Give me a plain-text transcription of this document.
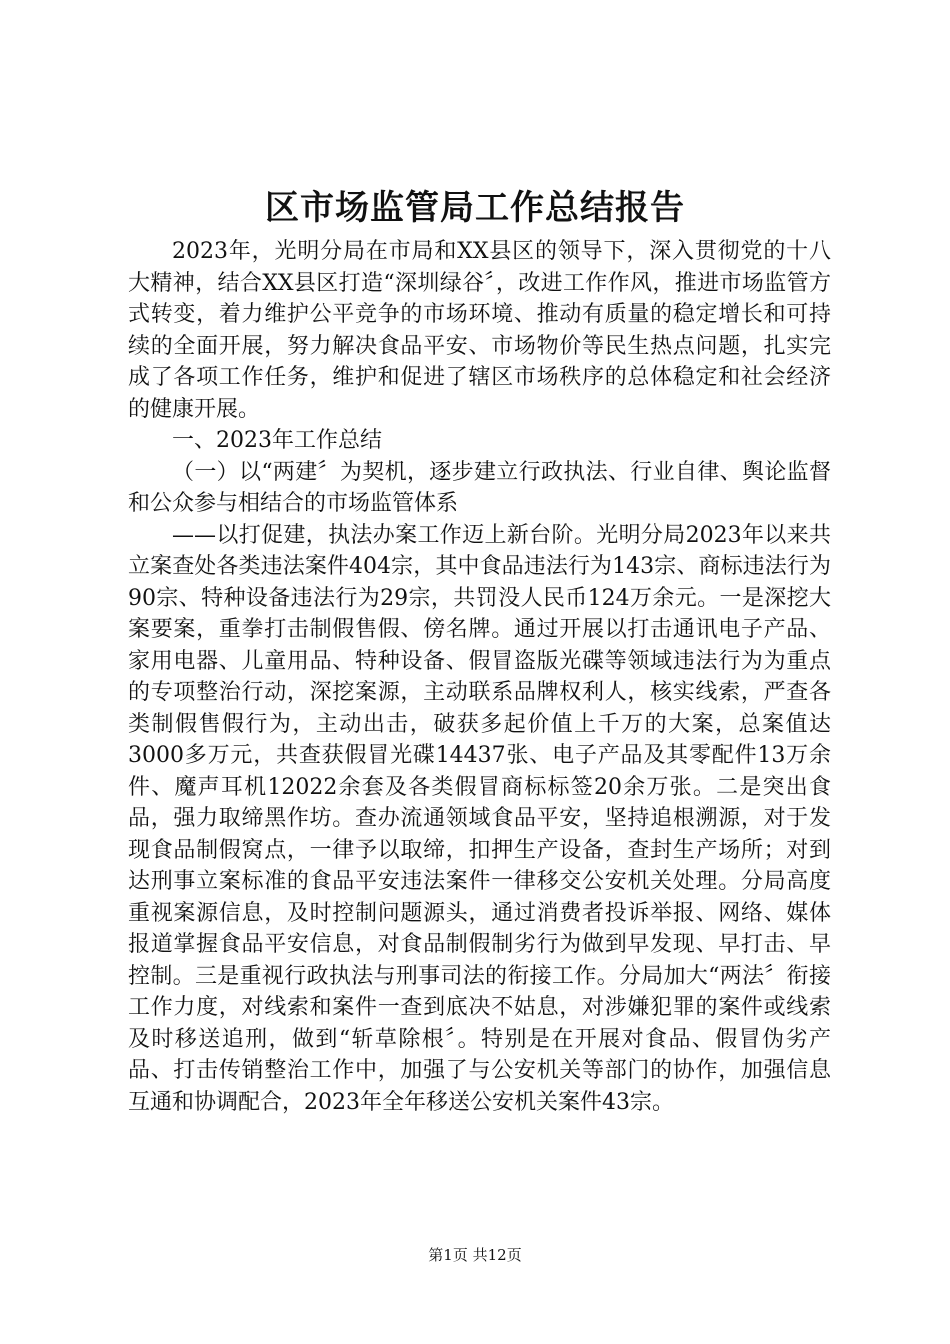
区市场监管局工作总结报告

2023年，光明分局在市局和XX县区的领导下，深入贯彻党的十八大精神，结合XX县区打造“深圳绿谷〞，改进工作作风，推进市场监管方式转变，着力维护公平竞争的市场环境、推动有质量的稳定增长和可持续的全面开展，努力解决食品平安、市场物价等民生热点问题，扎实完成了各项工作任务，维护和促进了辖区市场秩序的总体稳定和社会经济的健康开展。

一、2023年工作总结

（一）以“两建〞为契机，逐步建立行政执法、行业自律、舆论监督和公众参与相结合的市场监管体系

——以打促建，执法办案工作迈上新台阶。光明分局2023年以来共立案查处各类违法案件404宗，其中食品违法行为143宗、商标违法行为90宗、特种设备违法行为29宗，共罚没人民币124万余元。一是深挖大案要案，重拳打击制假售假、傍名牌。通过开展以打击通讯电子产品、家用电器、儿童用品、特种设备、假冒盗版光碟等领域违法行为为重点的专项整治行动，深挖案源，主动联系品牌权利人，核实线索，严查各类制假售假行为，主动出击，破获多起价值上千万的大案，总案值达3000多万元，共查获假冒光碟14437张、电子产品及其零配件13万余件、魔声耳机12022余套及各类假冒商标标签20余万张。二是突出食品，强力取缔黑作坊。查办流通领域食品平安，坚持追根溯源，对于发现食品制假窝点，一律予以取缔，扣押生产设备，查封生产场所；对到达刑事立案标准的食品平安违法案件一律移交公安机关处理。分局高度重视案源信息，及时控制问题源头，通过消费者投诉举报、网络、媒体报道掌握食品平安信息，对食品制假制劣行为做到早发现、早打击、早控制。三是重视行政执法与刑事司法的衔接工作。分局加大“两法〞衔接工作力度，对线索和案件一查到底决不姑息，对涉嫌犯罪的案件或线索及时移送追刑，做到“斩草除根〞。特别是在开展对食品、假冒伪劣产品、打击传销整治工作中，加强了与公安机关等部门的协作，加强信息互通和协调配合，2023年全年移送公安机关案件43宗。

第1页 共12页
